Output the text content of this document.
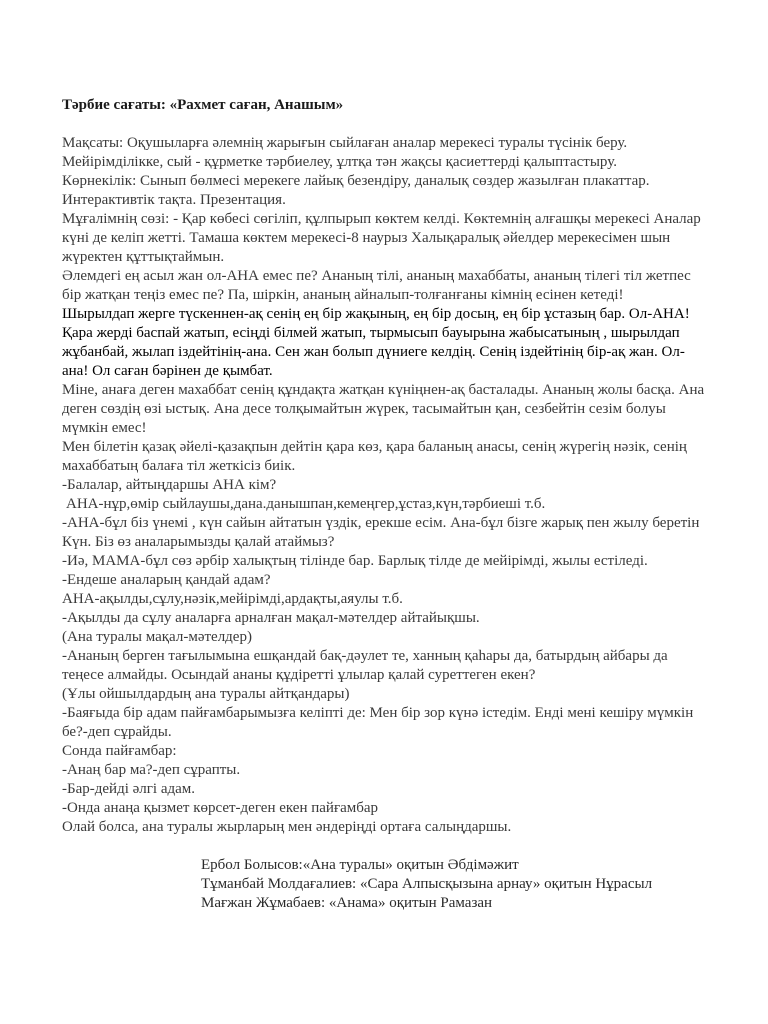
Тәрбие сағаты: «Рахмет саған, Анашым»

Мақсаты: Оқушыларға әлемнің жарығын сыйлаған аналар мерекесі туралы түсінік беру. Мейірімділікке, сый - құрметке тәрбиелеу, ұлтқа тән жақсы қасиеттерді қалыптастыру.

Көрнекілік: Сынып бөлмесі мерекеге лайық безендіру, даналық сөздер жазылған плакаттар. Интерактивтік тақта. Презентация.

Мұғалімнің сөзі: - Қар көбесі сөгіліп, құлпырып көктем келді. Көктемнің алғашқы мерекесі Аналар күні де келіп жетті. Тамаша көктем мерекесі-8 наурыз Халықаралық әйелдер мерекесімен шын жүректен құттықтаймын.

Әлемдегі ең асыл жан ол-АНА емес пе? Ананың тілі, ананың махаббаты, ананың тілегі тіл жетпес бір жатқан теңіз емес пе? Па, шіркін, ананың айналып-толғанғаны кімнің есінен кетеді!

Шырылдап жерге түскеннен-ақ сенің ең бір жақының, ең бір досың, ең бір ұстазың бар. Ол-АНА! Қара жерді баспай жатып, есіңді білмей жатып, тырмысып бауырына жабысатының , шырылдап жұбанбай, жылап іздейтінің-ана. Сен жан болып дүниеге келдің. Сенің іздейтінің бір-ақ жан. Ол-ана! Ол саған бәрінен де қымбат.

Міне, анаға деген махаббат сенің құндақта жатқан күніңнен-ақ басталады. Ананың жолы басқа. Ана деген сөздің өзі ыстық. Ана десе толқымайтын жүрек, тасымайтын қан, сезбейтін сезім болуы мүмкін емес!

Мен білетін қазақ әйелі-қазақпын дейтін қара көз, қара баланың анасы, сенің жүрегің нәзік, сенің махаббатың балаға тіл жеткісіз биік.

-Балалар, айтыңдаршы АНА кім?

АНА-нұр,өмір сыйлаушы,дана.данышпан,кемеңгер,ұстаз,күн,тәрбиеші т.б.

-АНА-бұл біз үнемі , күн сайын айтатын үздік, ерекше есім. Ана-бұл бізге жарық пен жылу беретін Күн. Біз өз аналарымызды қалай атаймыз?

-Иә, МАМА-бұл сөз әрбір халықтың тілінде бар. Барлық тілде де мейірімді, жылы естіледі.

-Ендеше аналарың қандай адам?

АНА-ақылды,сұлу,нәзік,мейірімді,ардақты,аяулы т.б.

-Ақылды да сұлу аналарға арналған мақал-мәтелдер айтайықшы.

(Ана туралы мақал-мәтелдер)

-Ананың берген тағылымына ешқандай бақ-дәулет те, ханның қаһары да, батырдың айбары да теңесе алмайды. Осындай ананы құдіретті ұлылар қалай суреттеген екен?

(Ұлы ойшылдардың ана туралы айтқандары)

-Баяғыда бір адам пайғамбарымызға келіпті де: Мен бір зор күнә істедім. Енді мені кешіру мүмкін бе?-деп сұрайды.

Сонда пайғамбар:

-Анаң бар ма?-деп сұрапты.

-Бар-дейді әлгі адам.

-Онда анаңа қызмет көрсет-деген екен пайғамбар

Олай болса, ана туралы жырларың мен әндеріңді ортаға салыңдаршы.

Ербол Болысов:«Ана туралы» оқитын Әбдімәжит

Тұманбай Молдағалиев: «Сара Алпысқызына арнау» оқитын Нұрасыл

Мағжан Жұмабаев: «Анама» оқитын Рамазан
